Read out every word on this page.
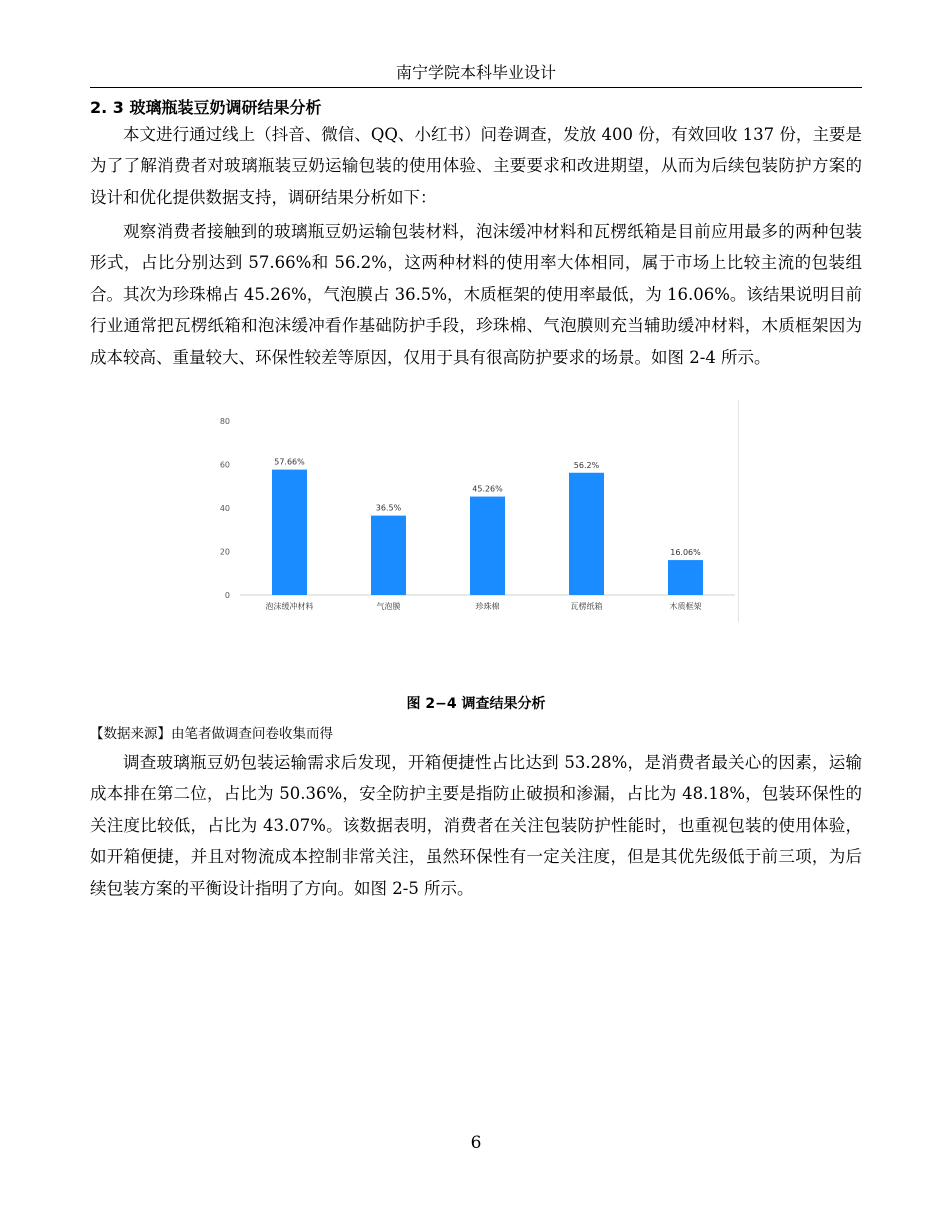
南宁学院本科毕业设计
2. 3 玻璃瓶装豆奶调研结果分析

本文进行通过线上（抖音、微信、QQ、小红书）问卷调查，发放 400 份，有效回收 137 份，主要是为了了解消费者对玻璃瓶装豆奶运输包装的使用体验、主要要求和改进期望，从而为后续包装防护方案的设计和优化提供数据支持，调研结果分析如下：

观察消费者接触到的玻璃瓶豆奶运输包装材料，泡沫缓冲材料和瓦楞纸箱是目前应用最多的两种包装形式，占比分别达到 57.66%和 56.2%，这两种材料的使用率大体相同，属于市场上比较主流的包装组合。其次为珍珠棉占 45.26%，气泡膜占 36.5%，木质框架的使用率最低，为 16.06%。该结果说明目前行业通常把瓦楞纸箱和泡沫缓冲看作基础防护手段，珍珠棉、气泡膜则充当辅助缓冲材料，木质框架因为成本较高、重量较大、环保性较差等原因，仅用于具有很高防护要求的场景。如图 2-4 所示。

0
20
40
60
80
57.66%
36.5%
45.26%
56.2%
16.06%
泡沫缓冲材料	气泡膜	珍珠棉	瓦楞纸箱	木质框架
图 2−4 调查结果分析
【数据来源】由笔者做调查问卷收集而得

调查玻璃瓶豆奶包装运输需求后发现，开箱便捷性占比达到 53.28%，是消费者最关心的因素，运输成本排在第二位，占比为 50.36%，安全防护主要是指防止破损和渗漏，占比为 48.18%，包装环保性的关注度比较低，占比为 43.07%。该数据表明，消费者在关注包装防护性能时，也重视包装的使用体验，如开箱便捷，并且对物流成本控制非常关注，虽然环保性有一定关注度，但是其优先级低于前三项，为后续包装方案的平衡设计指明了方向。如图 2-5 所示。

6
